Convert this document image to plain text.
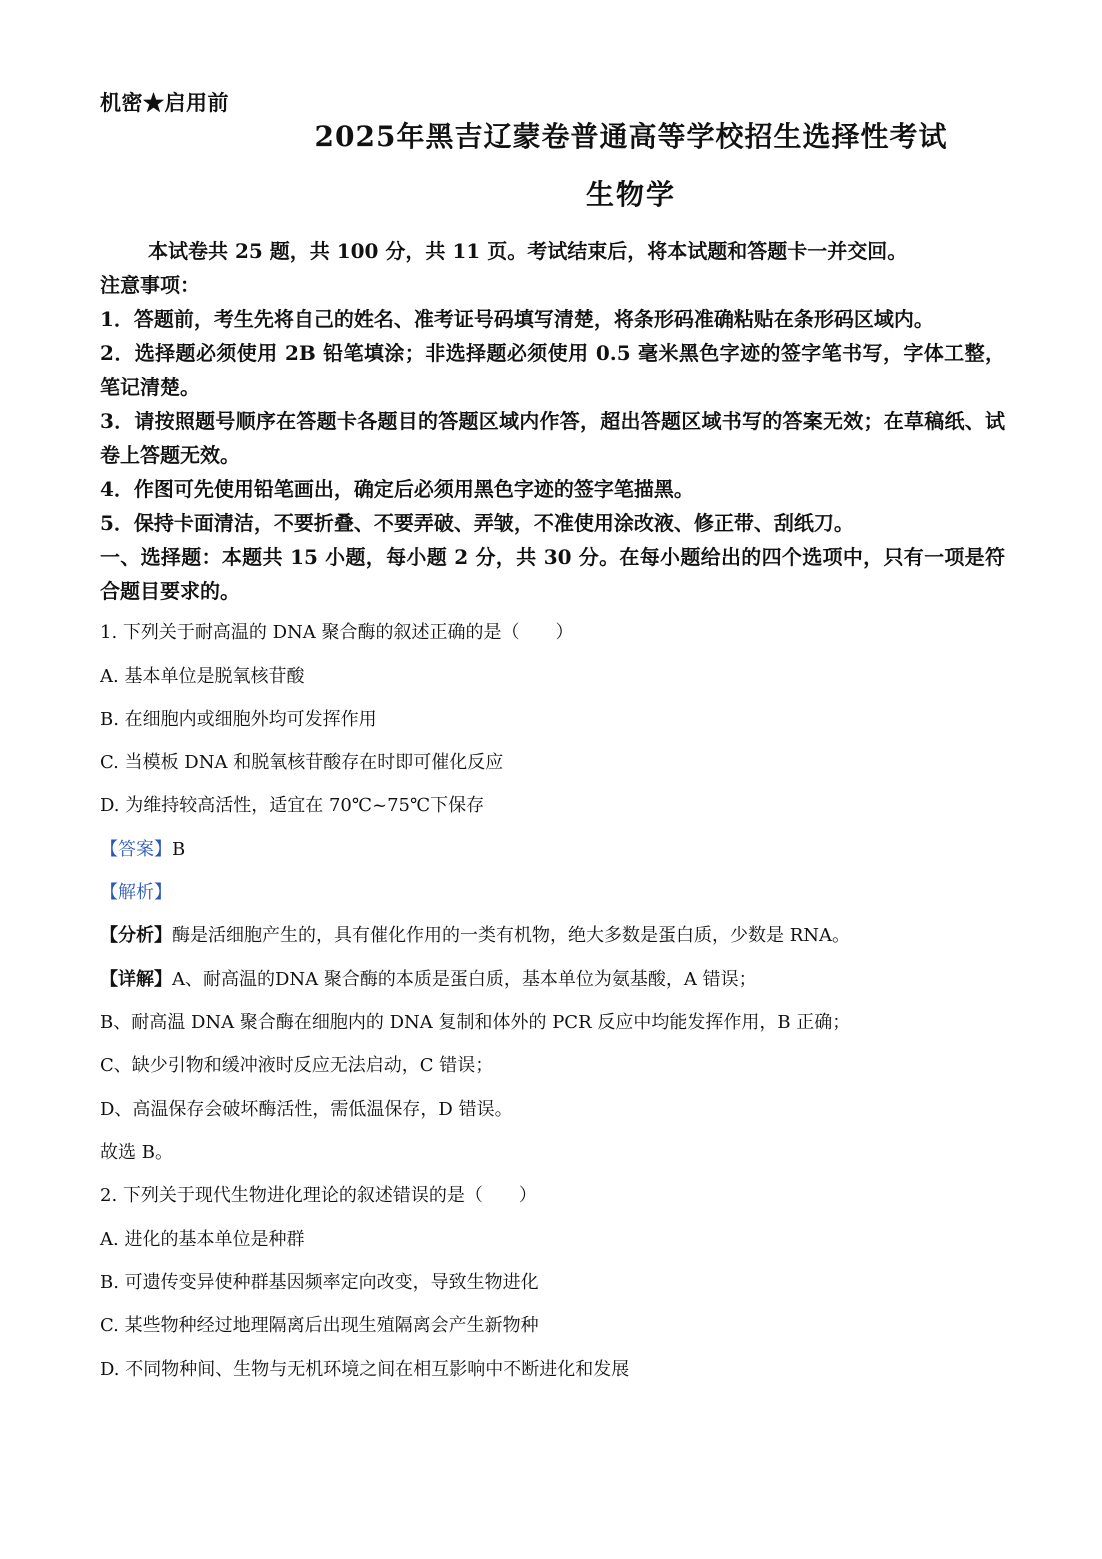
机密★启用前
2025年黑吉辽蒙卷普通高等学校招生选择性考试
生物学
本试卷共 25 题，共 100 分，共 11 页。考试结束后，将本试题和答题卡一并交回。
注意事项：
1．答题前，考生先将自己的姓名、准考证号码填写清楚，将条形码准确粘贴在条形码区域内。
2．选择题必须使用 2B 铅笔填涂；非选择题必须使用 0.5 毫米黑色字迹的签字笔书写，字体工整，笔记清楚。
3．请按照题号顺序在答题卡各题目的答题区域内作答，超出答题区域书写的答案无效；在草稿纸、试卷上答题无效。
4．作图可先使用铅笔画出，确定后必须用黑色字迹的签字笔描黑。
5．保持卡面清洁，不要折叠、不要弄破、弄皱，不准使用涂改液、修正带、刮纸刀。
一、选择题：本题共 15 小题，每小题 2 分，共 30 分。在每小题给出的四个选项中，只有一项是符合题目要求的。
1. 下列关于耐高温的 DNA 聚合酶的叙述正确的是（　　）
A. 基本单位是脱氧核苷酸
B. 在细胞内或细胞外均可发挥作用
C. 当模板 DNA 和脱氧核苷酸存在时即可催化反应
D. 为维持较高活性，适宜在 70℃~75℃下保存
【答案】B
【解析】
【分析】酶是活细胞产生的，具有催化作用的一类有机物，绝大多数是蛋白质，少数是 RNA。
【详解】A、耐高温的DNA 聚合酶的本质是蛋白质，基本单位为氨基酸，A 错误；
B、耐高温 DNA 聚合酶在细胞内的 DNA 复制和体外的 PCR 反应中均能发挥作用，B 正确；
C、缺少引物和缓冲液时反应无法启动，C 错误；
D、高温保存会破坏酶活性，需低温保存，D 错误。
故选 B。
2. 下列关于现代生物进化理论的叙述错误的是（　　）
A. 进化的基本单位是种群
B. 可遗传变异使种群基因频率定向改变，导致生物进化
C. 某些物种经过地理隔离后出现生殖隔离会产生新物种
D. 不同物种间、生物与无机环境之间在相互影响中不断进化和发展
